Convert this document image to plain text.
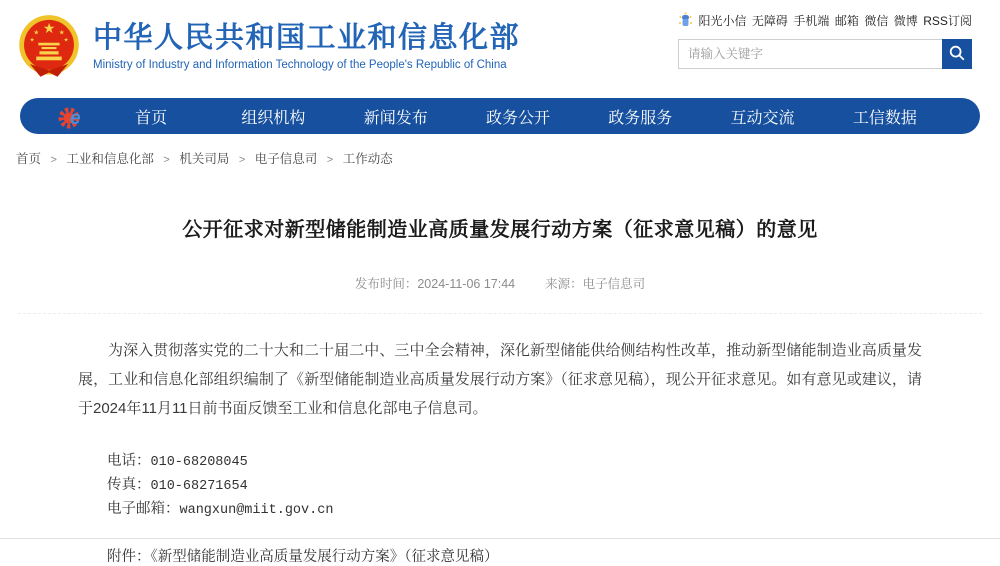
★
★	★
★	★ 中华人民共和国工业和信息化部
Ministry of Industry and Information Technology of the People's Republic of China
阳光小信 无障碍 手机端 邮箱 微信 微博 RSS订阅
请输入关键字
e	首页	组织机构	新闻发布	政务公开	政务服务	互动交流	工信数据
首页 > 工业和信息化部 > 机关司局 > 电子信息司 > 工作动态
公开征求对新型储能制造业高质量发展行动方案（征求意见稿）的意见
发布时间：2024-11-06 17:44 来源：电子信息司

为深入贯彻落实党的二十大和二十届二中、三中全会精神，深化新型储能供给侧结构性改革，推动新型储能制造业高质量发展，工业和信息化部组织编制了《新型储能制造业高质量发展行动方案》（征求意见稿），现公开征求意见。如有意见或建议，请于2024年11月11日前书面反馈至工业和信息化部电子信息司。

电话：010-68208045
传真：010-68271654
电子邮箱：wangxun@miit.gov.cn
附件：《新型储能制造业高质量发展行动方案》（征求意见稿）
